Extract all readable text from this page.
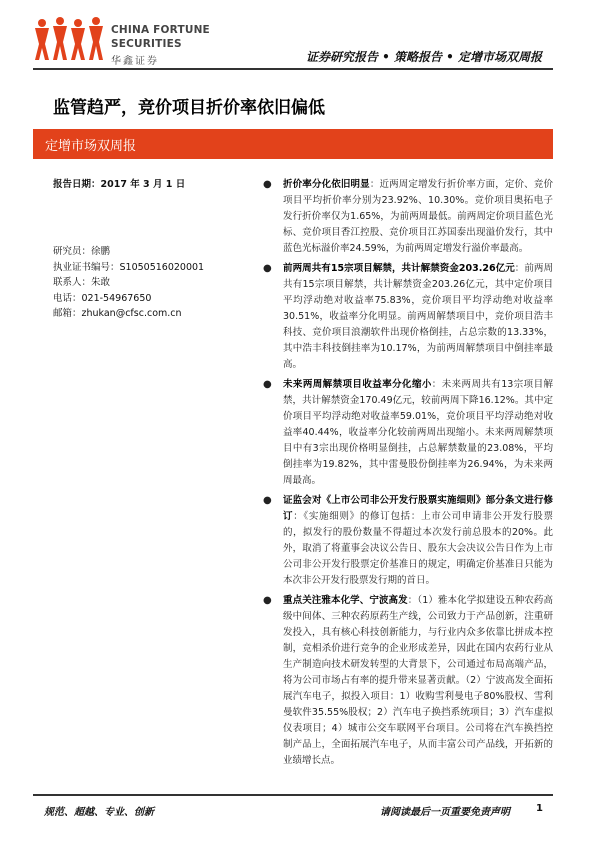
CHINA FORTUNE
SECURITIES
华鑫证券	证券研究报告 • 策略报告 • 定增市场双周报
监管趋严，竞价项目折价率依旧偏低
定增市场双周报
报告日期：2017 年 3 月 1 日
研究员：徐鹏
执业证书编号：S1050516020001
联系人：朱敢
电话：021-54967650
邮箱：zhukan@cfsc.com.cn
● 折价率分化依旧明显：近两周定增发行折价率方面，定价、竞价项目平均折价率分别为23.92%、10.30%。竞价项目奥拓电子发行折价率仅为1.65%，为前两周最低。前两周定价项目蓝色光标、竞价项目香江控股、竞价项目江苏国泰出现溢价发行，其中蓝色光标溢价率24.59%，为前两周定增发行溢价率最高。
● 前两周共有15宗项目解禁，共计解禁资金203.26亿元：前两周共有15宗项目解禁，共计解禁资金203.26亿元，其中定价项目平均浮动绝对收益率75.83%，竞价项目平均浮动绝对收益率30.51%，收益率分化明显。前两周解禁项目中，竞价项目浩丰科技、竞价项目浪潮软件出现价格倒挂，占总宗数的13.33%，其中浩丰科技倒挂率为10.17%，为前两周解禁项目中倒挂率最高。
● 未来两周解禁项目收益率分化缩小：未来两周共有13宗项目解禁，共计解禁资金170.49亿元，较前两周下降16.12%。其中定价项目平均浮动绝对收益率59.01%，竞价项目平均浮动绝对收益率40.44%，收益率分化较前两周出现缩小。未来两周解禁项目中有3宗出现价格明显倒挂，占总解禁数量的23.08%，平均倒挂率为19.82%，其中雷曼股份倒挂率为26.94%，为未来两周最高。
● 证监会对《上市公司非公开发行股票实施细则》部分条文进行修订：《实施细则》的修订包括：上市公司申请非公开发行股票的，拟发行的股份数量不得超过本次发行前总股本的20%。此外，取消了将董事会决议公告日、股东大会决议公告日作为上市公司非公开发行股票定价基准日的规定，明确定价基准日只能为本次非公开发行股票发行期的首日。
● 重点关注雅本化学、宁波高发：（1）雅本化学拟建设五种农药高级中间体、三种农药原药生产线，公司致力于产品创新，注重研发投入，具有核心科技创新能力，与行业内众多依靠比拼成本控制，竞相杀价进行竞争的企业形成差异，因此在国内农药行业从生产制造向技术研发转型的大背景下，公司通过布局高端产品，将为公司市场占有率的提升带来显著贡献。（2）宁波高发全面拓展汽车电子，拟投入项目：1）收购雪利曼电子80%股权、雪利曼软件35.55%股权；2）汽车电子换挡系统项目；3）汽车虚拟仪表项目；4）城市公交车联网平台项目。公司将在汽车换挡控制产品上，全面拓展汽车电子，从而丰富公司产品线，开拓新的业绩增长点。
规范、超越、专业、创新	请阅读最后一页重要免责声明	1
